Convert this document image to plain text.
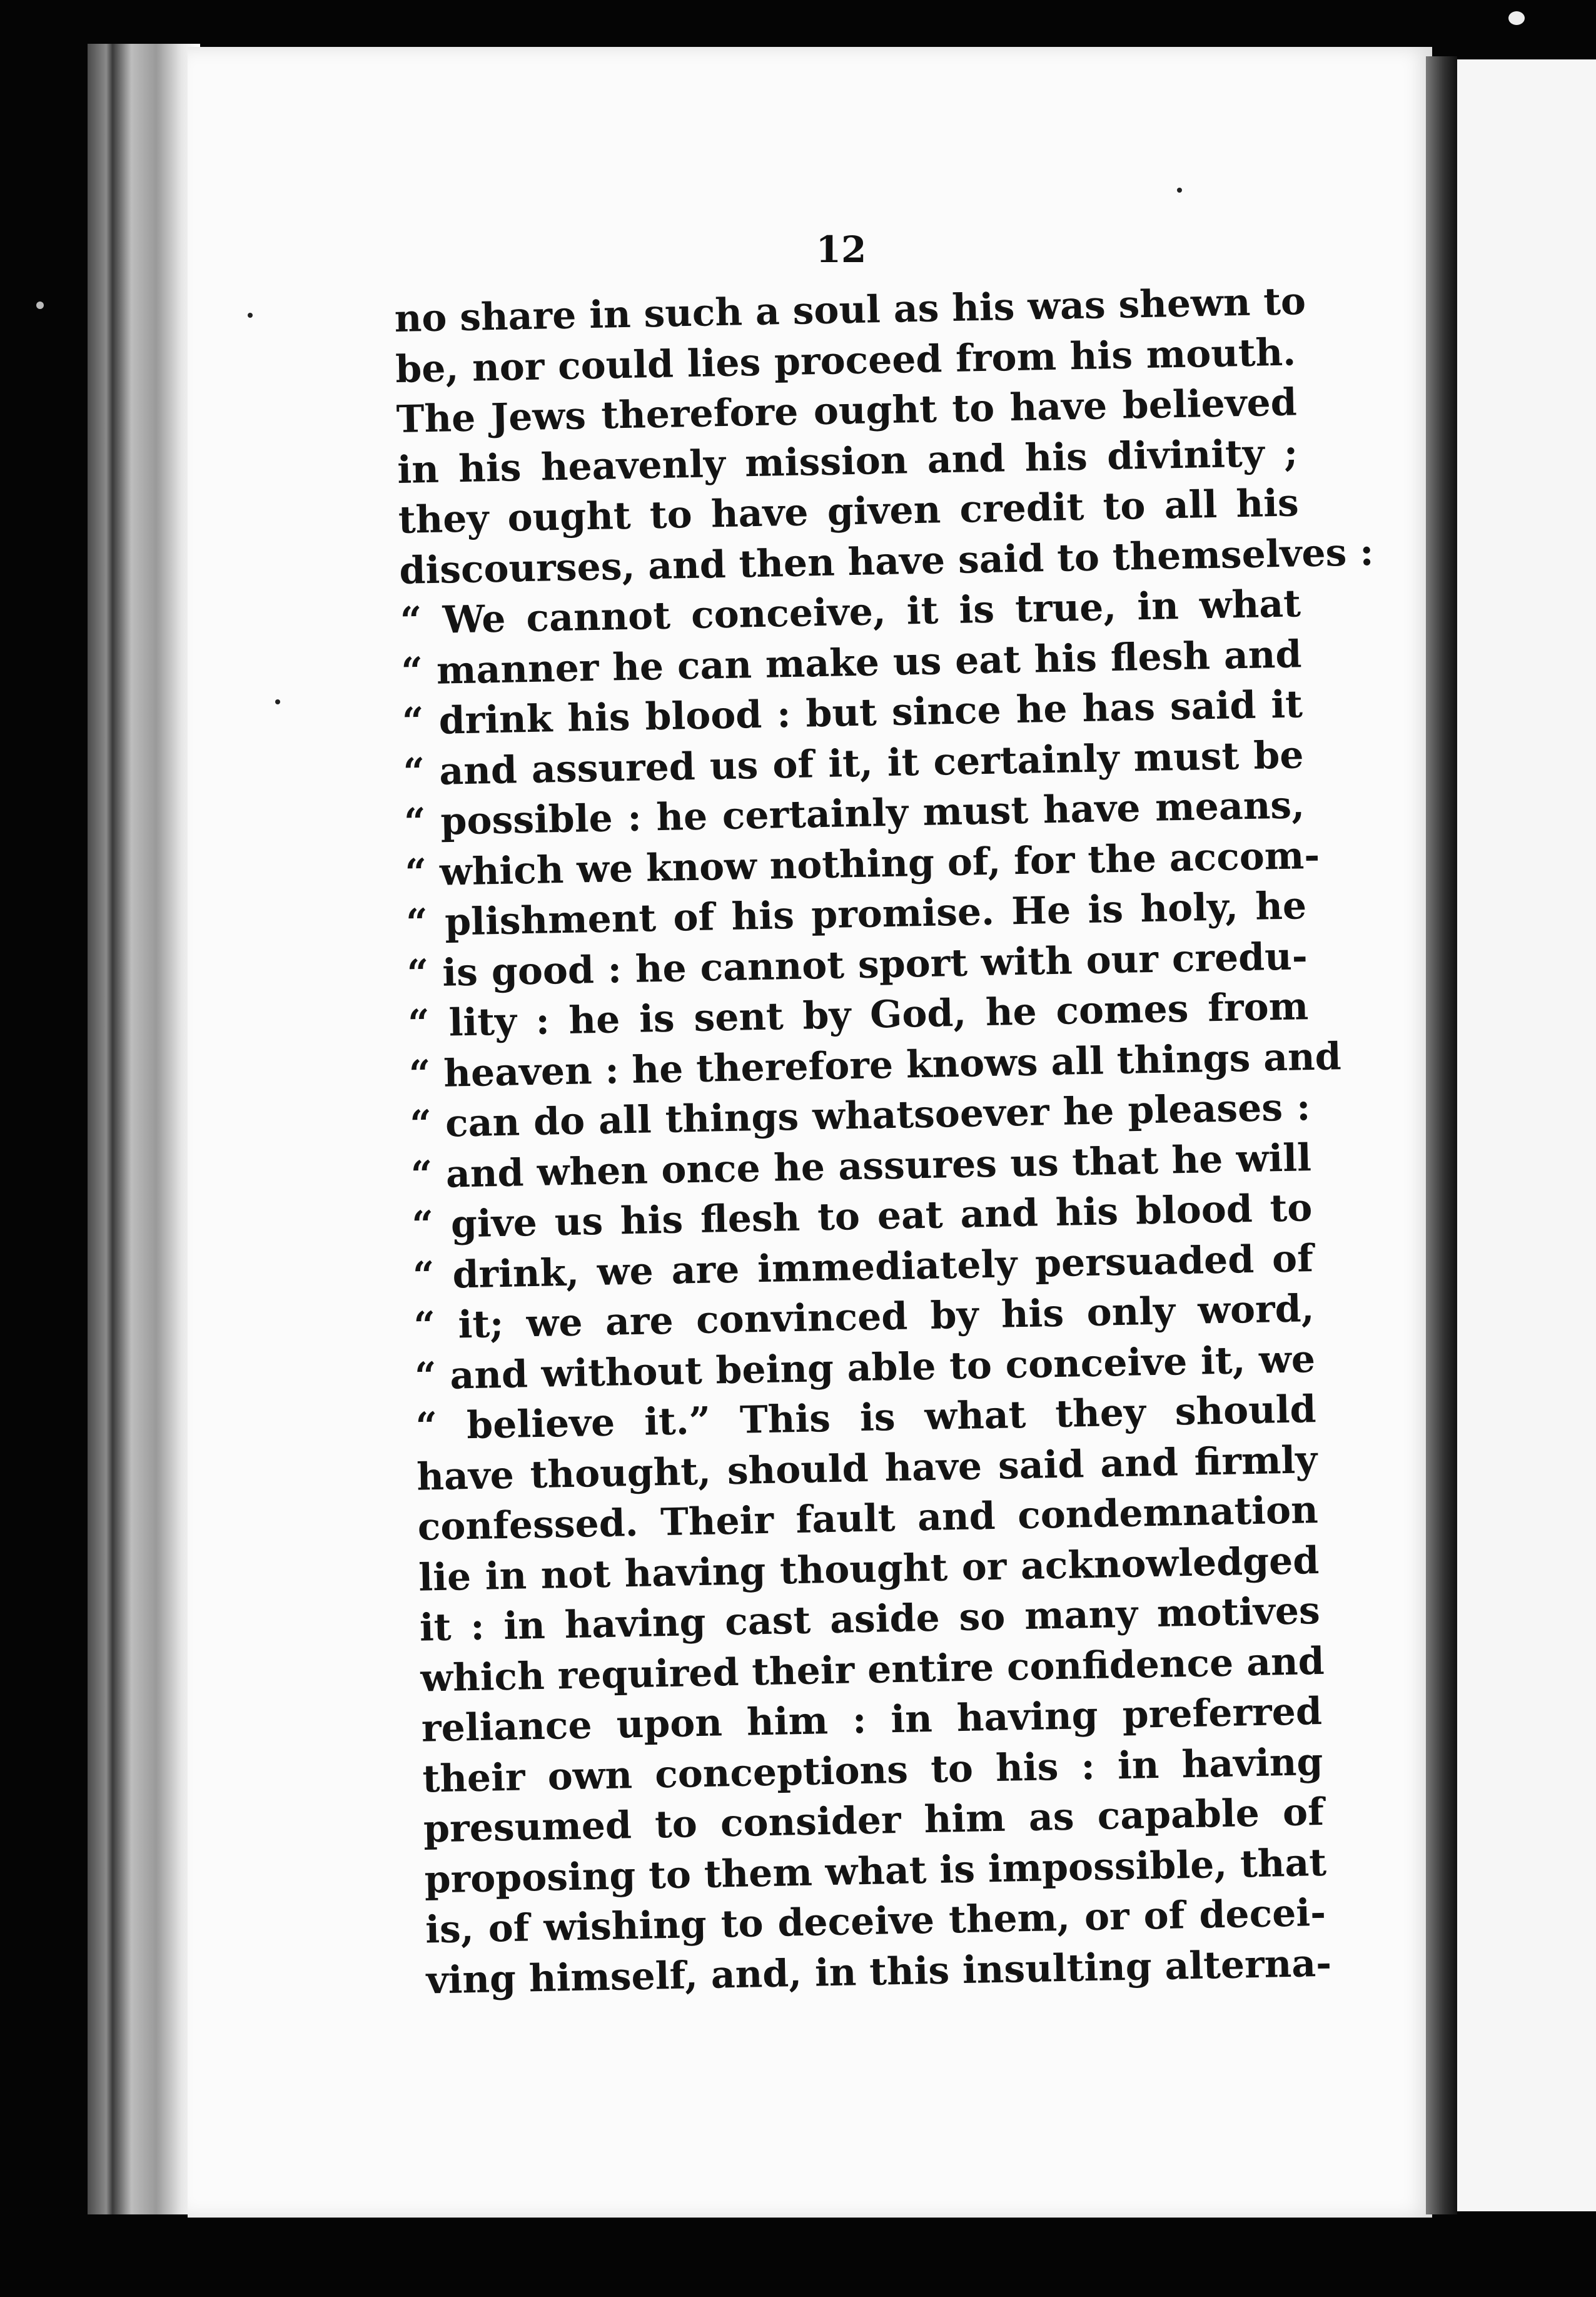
12
no share in such a soul as his was shewn to
be, nor could lies proceed from his mouth.
The Jews therefore ought to have believed
in his heavenly mission and his divinity ;
they ought to have given credit to all his
discourses, and then have said to themselves :
“ We cannot conceive, it is true, in what
“ manner he can make us eat his flesh and
“ drink his blood : but since he has said it
“ and assured us of it, it certainly must be
“ possible : he certainly must have means,
“ which we know nothing of, for the accom-
“ plishment of his promise. He is holy, he
“ is good : he cannot sport with our credu-
“ lity : he is sent by God, he comes from
“ heaven : he therefore knows all things and
“ can do all things whatsoever he pleases :
“ and when once he assures us that he will
“ give us his flesh to eat and his blood to
“ drink, we are immediately persuaded of
“ it; we are convinced by his only word,
“ and without being able to conceive it, we
“ believe it.” This is what they should
have thought, should have said and firmly
confessed. Their fault and condemnation
lie in not having thought or acknowledged
it : in having cast aside so many motives
which required their entire confidence and
reliance upon him : in having preferred
their own conceptions to his : in having
presumed to consider him as capable of
proposing to them what is impossible, that
is, of wishing to deceive them, or of decei-
ving himself, and, in this insulting alterna-
